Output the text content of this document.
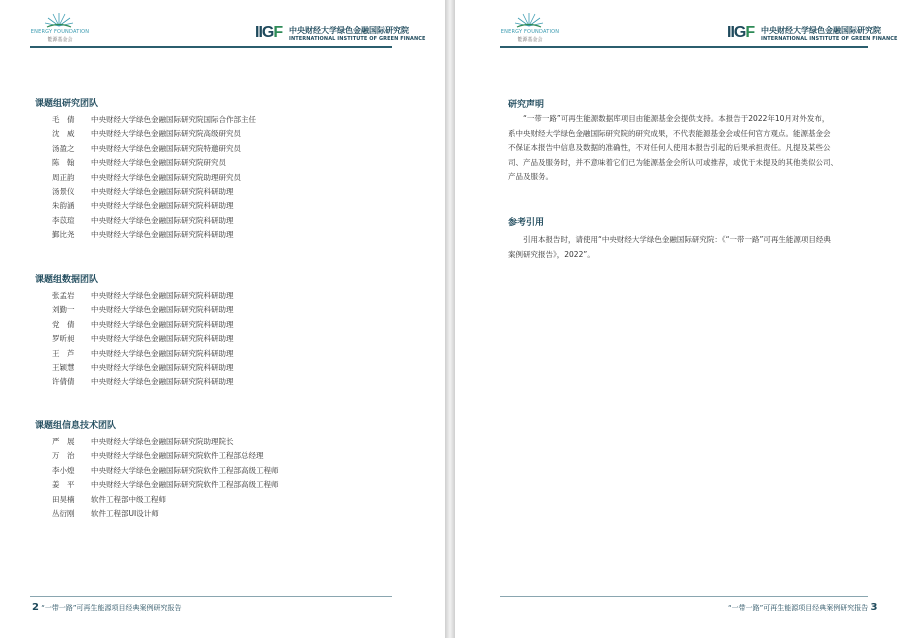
ENERGY FOUNDATION
能源基金会	IIGF 中央财经大学绿色金融国际研究院
INTERNATIONAL INSTITUTE OF GREEN FINANCE
课题组研究团队
毛　倩 中央财经大学绿色金融国际研究院国际合作部主任
沈　威 中央财经大学绿色金融国际研究院高级研究员
汤盈之 中央财经大学绿色金融国际研究院特邀研究员
陈　翰 中央财经大学绿色金融国际研究院研究员
周正韵 中央财经大学绿色金融国际研究院助理研究员
汤景仪 中央财经大学绿色金融国际研究院科研助理
朱韵涵 中央财经大学绿色金融国际研究院科研助理
李苡瑄 中央财经大学绿色金融国际研究院科研助理
鄞比尧 中央财经大学绿色金融国际研究院科研助理
课题组数据团队
张孟岩 中央财经大学绿色金融国际研究院科研助理
刘勤一 中央财经大学绿色金融国际研究院科研助理
党　倩 中央财经大学绿色金融国际研究院科研助理
罗昕昶 中央财经大学绿色金融国际研究院科研助理
王　芦 中央财经大学绿色金融国际研究院科研助理
王颖慧 中央财经大学绿色金融国际研究院科研助理
许倩倩 中央财经大学绿色金融国际研究院科研助理
课题组信息技术团队
严　展 中央财经大学绿色金融国际研究院助理院长
万　治 中央财经大学绿色金融国际研究院软件工程部总经理
李小煌 中央财经大学绿色金融国际研究院软件工程部高级工程师
姜　平 中央财经大学绿色金融国际研究院软件工程部高级工程师
田昊楠 软件工程部中级工程师
丛衍刚 软件工程部UI设计师
2 “一带一路”可再生能源项目经典案例研究报告
ENERGY FOUNDATION
能源基金会	IIGF 中央财经大学绿色金融国际研究院
INTERNATIONAL INSTITUTE OF GREEN FINANCE
研究声明
“一带一路”可再生能源数据库项目由能源基金会提供支持。本报告于2022年10月对外发布，
系中央财经大学绿色金融国际研究院的研究成果，不代表能源基金会或任何官方观点。能源基金会
不保证本报告中信息及数据的准确性，不对任何人使用本报告引起的后果承担责任。凡提及某些公
司、产品及服务时，并不意味着它们已为能源基金会所认可或推荐，或优于未提及的其他类似公司、
产品及服务。
参考引用
引用本报告时，请使用“中央财经大学绿色金融国际研究院：《“一带一路”可再生能源项目经典
案例研究报告》，2022”。
“一带一路”可再生能源项目经典案例研究报告 3
